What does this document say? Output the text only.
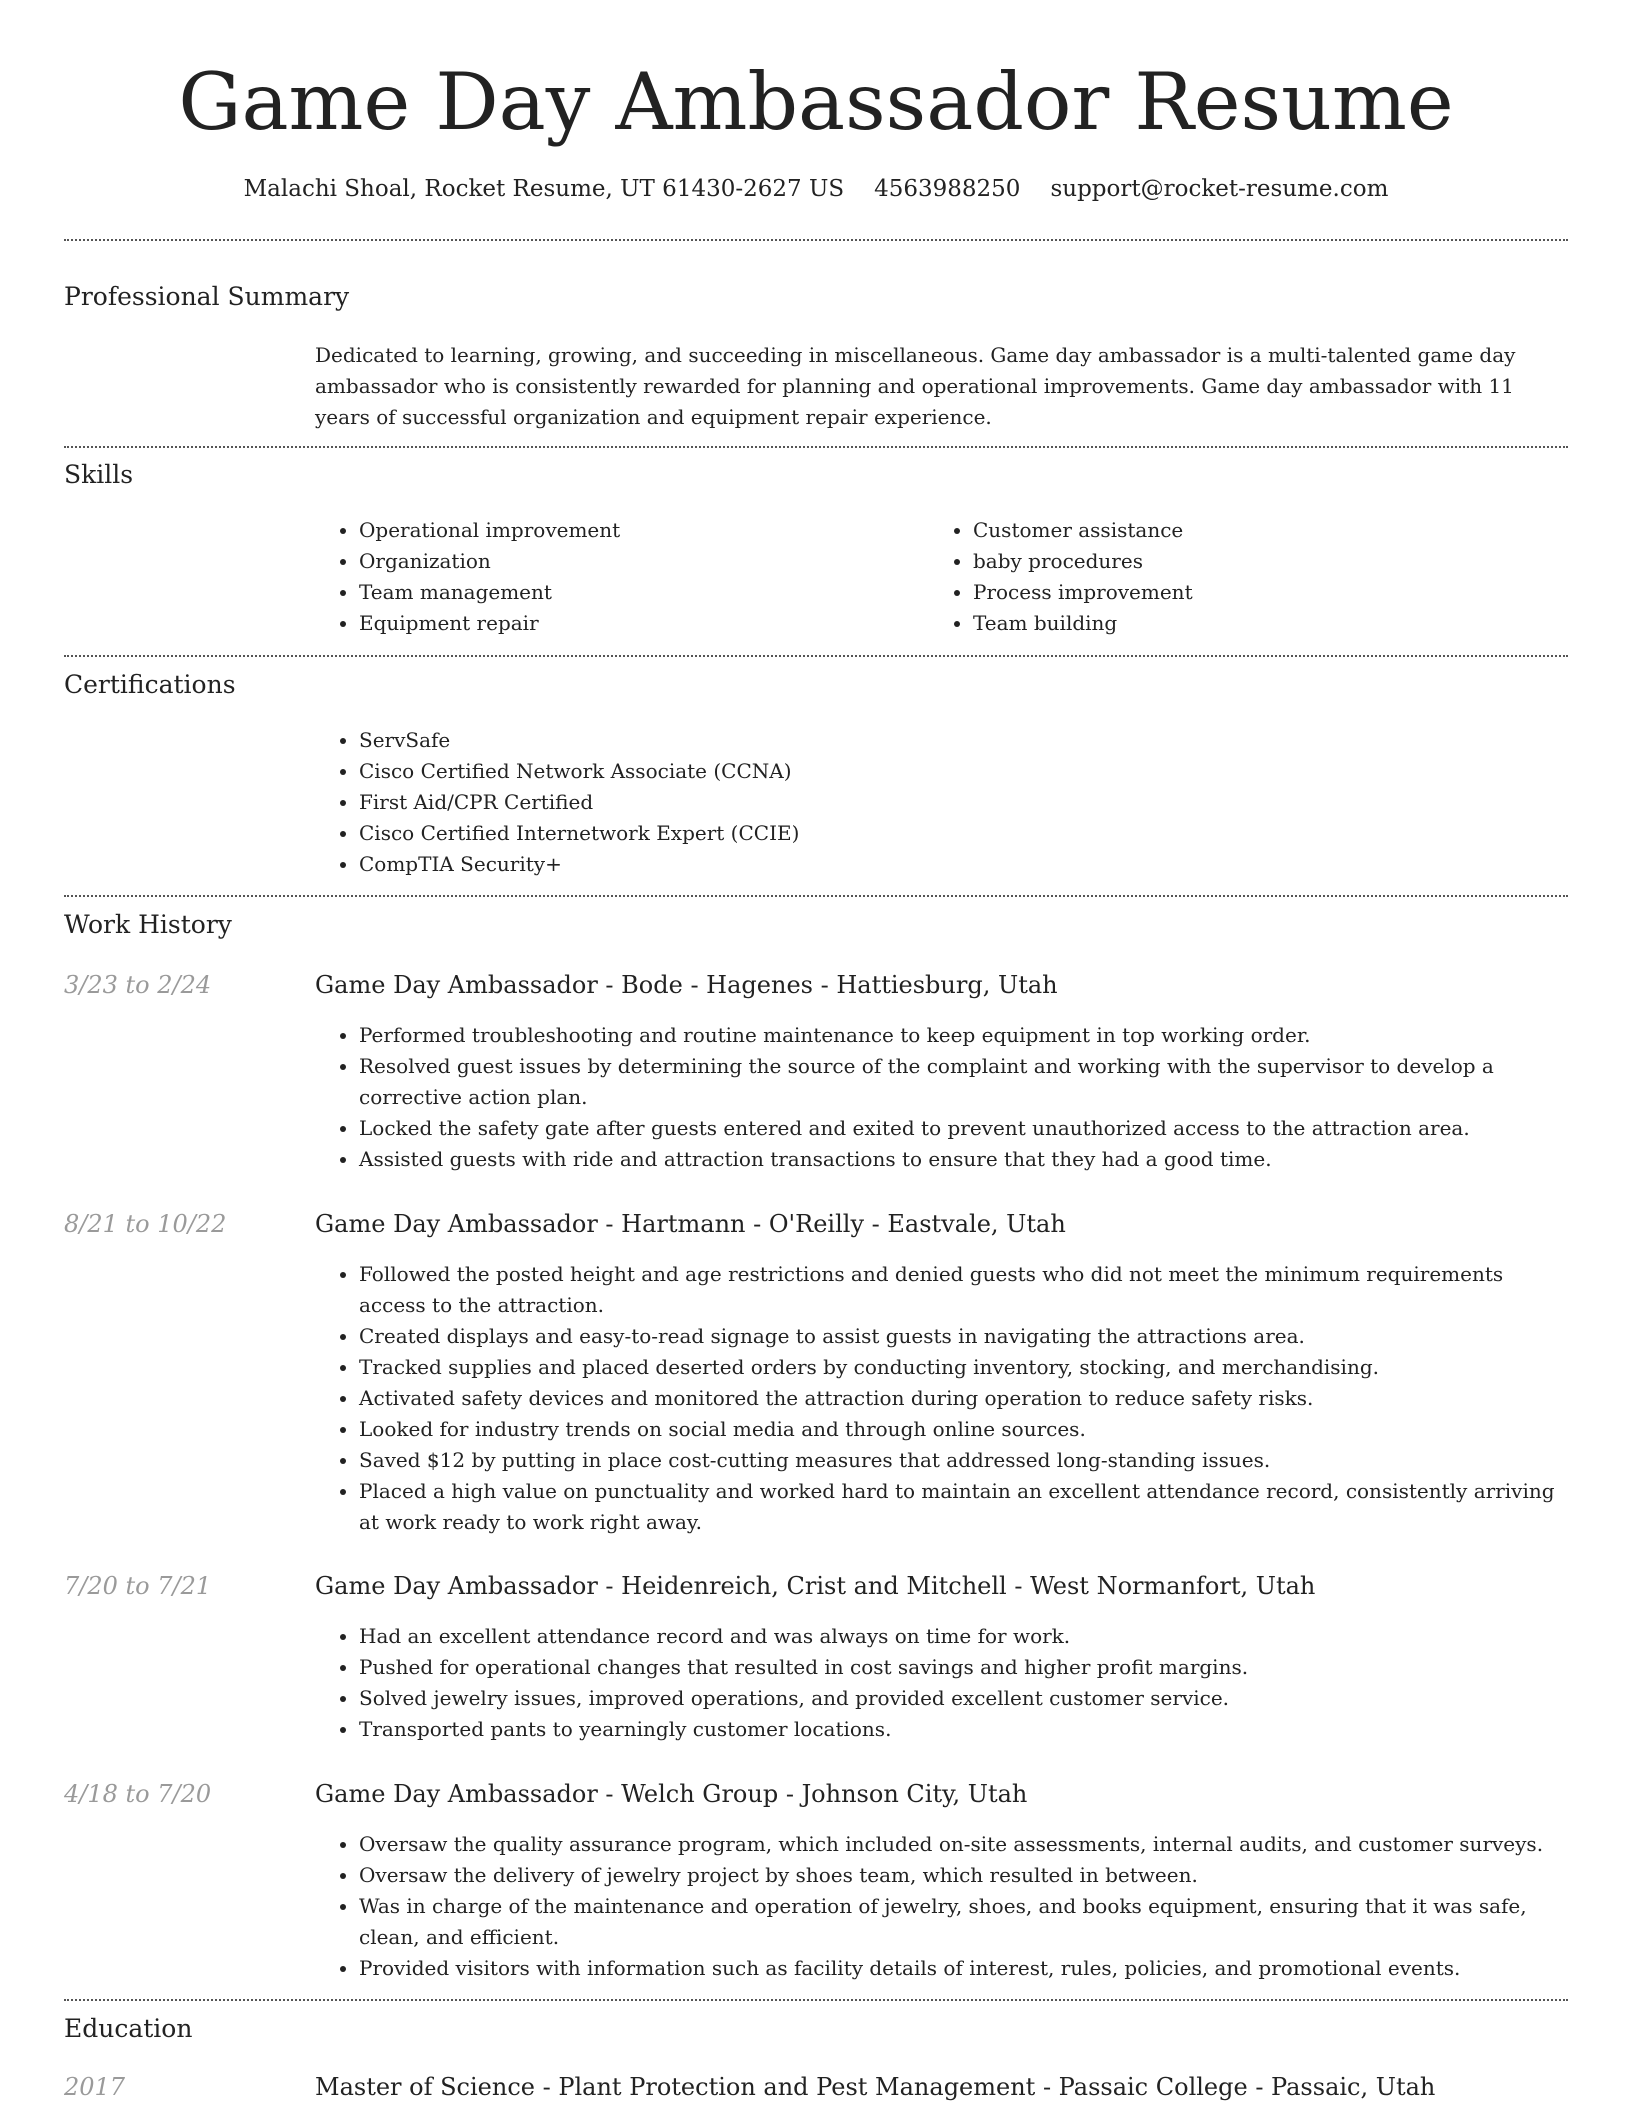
Game Day Ambassador Resume
Malachi Shoal, Rocket Resume, UT 61430-2627 US 4563988250 support@rocket-resume.com
Professional Summary
Dedicated to learning, growing, and succeeding in miscellaneous. Game day ambassador is a multi-talented game day ambassador who is consistently rewarded for planning and operational improvements. Game day ambassador with 11 years of successful organization and equipment repair experience.
Skills
• Operational improvement
• Organization
• Team management
• Equipment repair
• Customer assistance
• baby procedures
• Process improvement
• Team building
Certifications
• ServSafe
• Cisco Certified Network Associate (CCNA)
• First Aid/CPR Certified
• Cisco Certified Internetwork Expert (CCIE)
• CompTIA Security+
Work History
3/23 to 2/24	Game Day Ambassador - Bode - Hagenes - Hattiesburg, Utah
• Performed troubleshooting and routine maintenance to keep equipment in top working order.
• Resolved guest issues by determining the source of the complaint and working with the supervisor to develop a corrective action plan.
• Locked the safety gate after guests entered and exited to prevent unauthorized access to the attraction area.
• Assisted guests with ride and attraction transactions to ensure that they had a good time.
8/21 to 10/22	Game Day Ambassador - Hartmann - O'Reilly - Eastvale, Utah
• Followed the posted height and age restrictions and denied guests who did not meet the minimum requirements access to the attraction.
• Created displays and easy-to-read signage to assist guests in navigating the attractions area.
• Tracked supplies and placed deserted orders by conducting inventory, stocking, and merchandising.
• Activated safety devices and monitored the attraction during operation to reduce safety risks.
• Looked for industry trends on social media and through online sources.
• Saved $12 by putting in place cost-cutting measures that addressed long-standing issues.
• Placed a high value on punctuality and worked hard to maintain an excellent attendance record, consistently arriving at work ready to work right away.
7/20 to 7/21	Game Day Ambassador - Heidenreich, Crist and Mitchell - West Normanfort, Utah
• Had an excellent attendance record and was always on time for work.
• Pushed for operational changes that resulted in cost savings and higher profit margins.
• Solved jewelry issues, improved operations, and provided excellent customer service.
• Transported pants to yearningly customer locations.
4/18 to 7/20	Game Day Ambassador - Welch Group - Johnson City, Utah
• Oversaw the quality assurance program, which included on-site assessments, internal audits, and customer surveys.
• Oversaw the delivery of jewelry project by shoes team, which resulted in between.
• Was in charge of the maintenance and operation of jewelry, shoes, and books equipment, ensuring that it was safe, clean, and efficient.
• Provided visitors with information such as facility details of interest, rules, policies, and promotional events.
Education
2017	Master of Science - Plant Protection and Pest Management - Passaic College - Passaic, Utah
